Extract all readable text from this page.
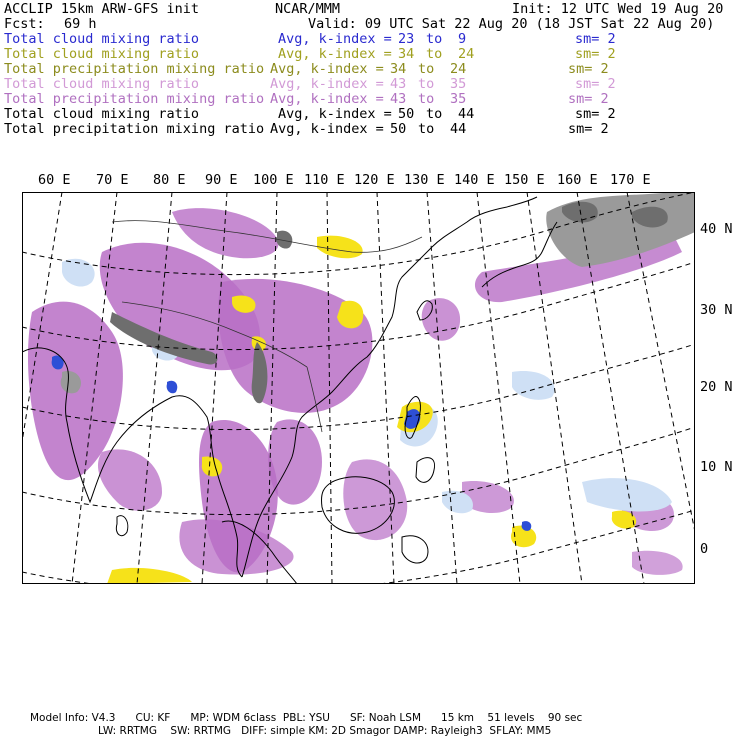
ACCLIP 15km ARW-GFS init	NCAR/MMM	Init: 12 UTC Wed 19 Aug 20
Fcst: 69 h	Valid: 09 UTC Sat 22 Aug 20 (18 JST Sat 22 Aug 20)
Total cloud mixing ratio	Avg, k-index = 23 to 9	sm= 2
Total cloud mixing ratio	Avg, k-index = 34 to 24	sm= 2
Total precipitation mixing ratio Avg, k-index = 34 to 24	sm= 2
Total cloud mixing ratio	Avg, k-index = 43 to 35	sm= 2
Total precipitation mixing ratio Avg, k-index = 43 to 35	sm= 2
Total cloud mixing ratio	Avg, k-index = 50 to 44	sm= 2
Total precipitation mixing ratio Avg, k-index = 50 to 44	sm= 2
60 E 70 E 80 E 90 E 100 E 110 E 120 E 130 E 140 E 150 E 160 E 170 E
40 N
30 N
20 N
10 N
0
Model Info: V4.3      CU: KF      MP: WDM 6class  PBL: YSU      SF: Noah LSM      15 km    51 levels    90 sec
LW: RRTMG    SW: RRTMG   DIFF: simple KM: 2D Smagor DAMP: Rayleigh3  SFLAY: MM5
